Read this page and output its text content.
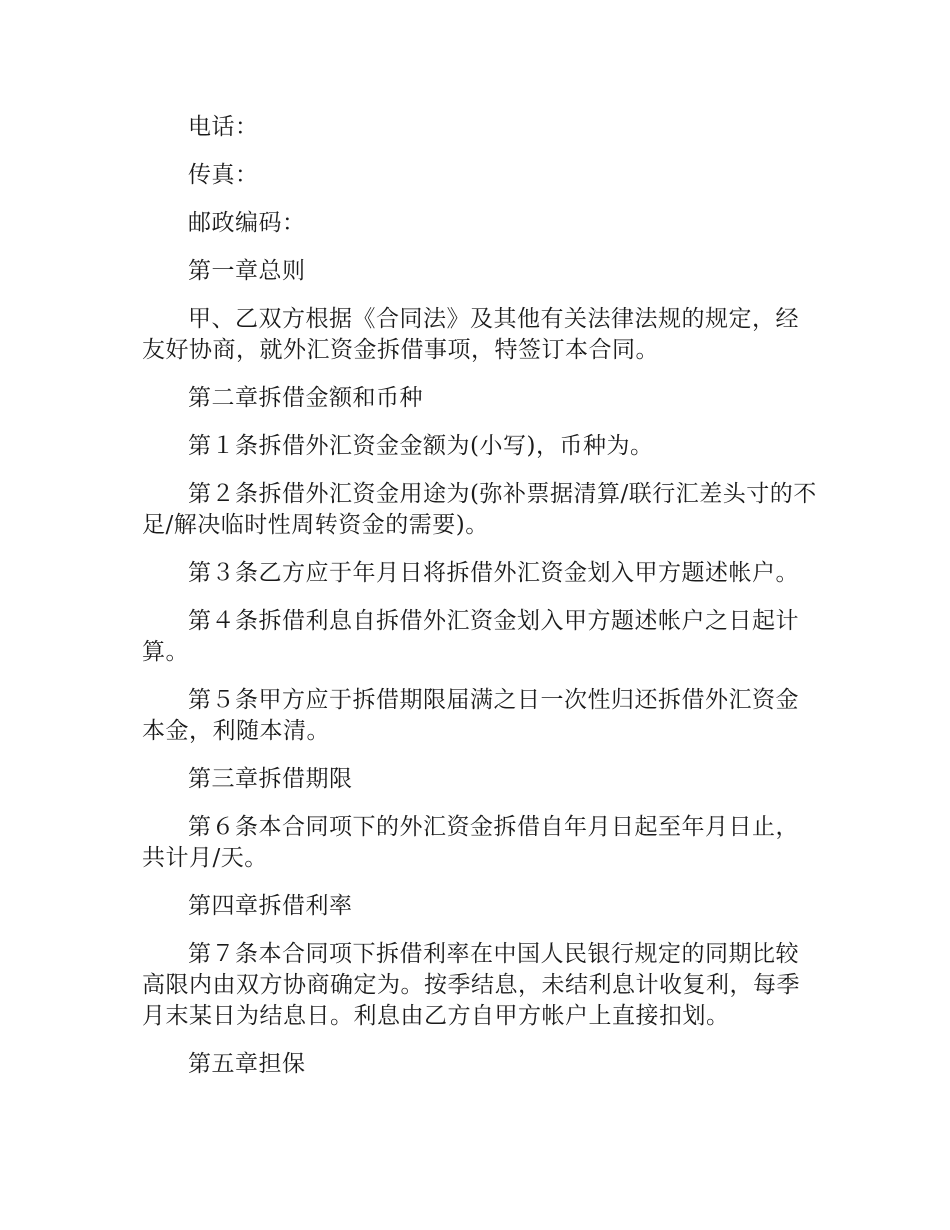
电话：

传真：

邮政编码：

第一章总则

甲、乙双方根据《合同法》及其他有关法律法规的规定，经友好协商，就外汇资金拆借事项，特签订本合同。

第二章拆借金额和币种

第１条拆借外汇资金金额为(小写)，币种为。

第２条拆借外汇资金用途为(弥补票据清算/联行汇差头寸的不足/解决临时性周转资金的需要)。

第３条乙方应于年月日将拆借外汇资金划入甲方题述帐户。

第４条拆借利息自拆借外汇资金划入甲方题述帐户之日起计算。

第５条甲方应于拆借期限届满之日一次性归还拆借外汇资金本金，利随本清。

第三章拆借期限

第６条本合同项下的外汇资金拆借自年月日起至年月日止，共计月/天。

第四章拆借利率

第７条本合同项下拆借利率在中国人民银行规定的同期比较高限内由双方协商确定为。按季结息，未结利息计收复利，每季月末某日为结息日。利息由乙方自甲方帐户上直接扣划。

第五章担保
